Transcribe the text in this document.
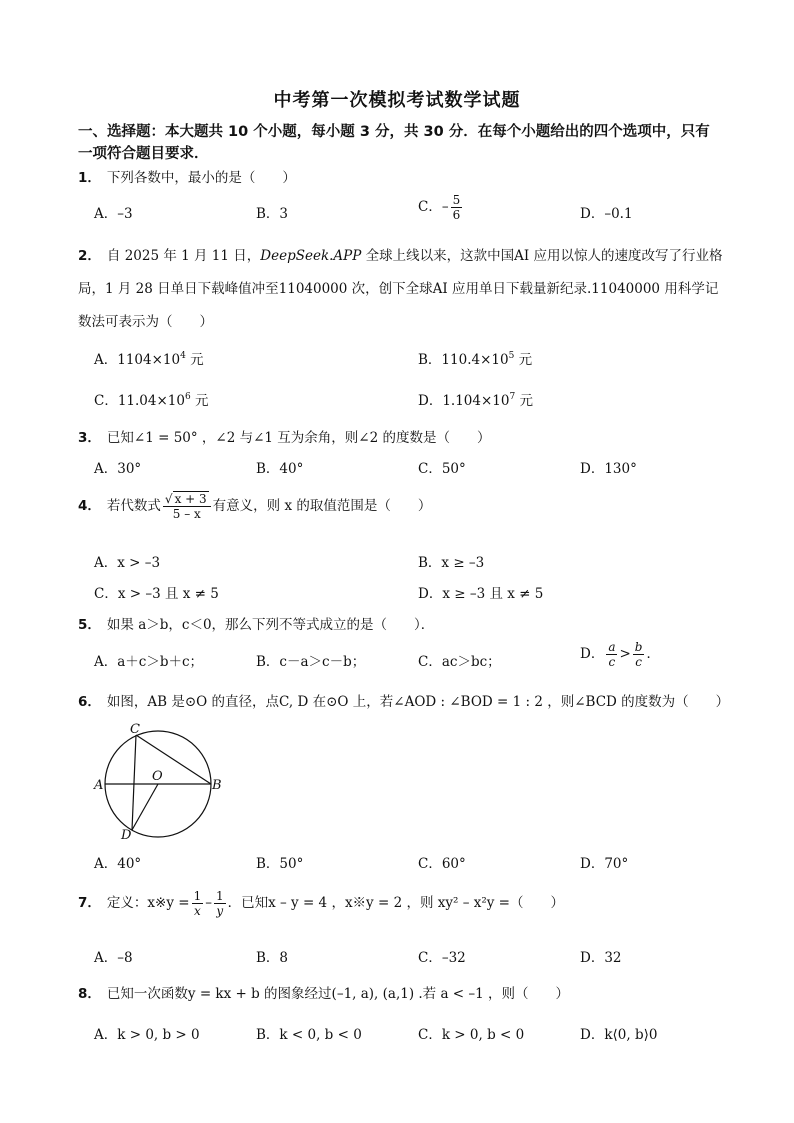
中考第一次模拟考试数学试题
一、选择题：本大题共 10 个小题，每小题 3 分，共 30 分．在每个小题给出的四个选项中，只有
一项符合题目要求．
1． 下列各数中，最小的是（　　）
A．–3	B．3	C．– $\frac{5}{6}$	D．–0.1
2． 自 2025 年 1 月 11 日，DeepSeek.APP 全球上线以来，这款中国AI 应用以惊人的速度改写了行业格
局，1 月 28 日单日下载峰值冲至11040000 次，创下全球AI 应用单日下载量新纪录.11040000 用科学记
数法可表示为（　　）
A．$1104\times 10^4$ 元	B．$110.4\times 10^5$ 元
C．$11.04\times 10^6$ 元	D．$1.104\times 10^7$ 元
3． 已知∠1 = 50° ，∠2 与∠1 互为余角，则∠2 的度数是（　　）
A．30°	B．40°	C．50°	D．130°
4． 若代数式 $\frac{√ x + 3}{5 - x}$ 有意义，则 x 的取值范围是（　　）
A．x > –3	B．x ≥ –3
C．x > –3 且 x ≠ 5	D．x ≥ –3 且 x ≠ 5
5． 如果 a＞b，c＜0，那么下列不等式成立的是（　　）．
A．a＋c＞b＋c；	B．c－a＞c－b；	C．ac＞bc；	D． $\frac{a}{c} > \frac{b}{c}$ ．
6． 如图，AB 是⊙O 的直径，点C, D 在⊙O 上，若∠AOD : ∠BOD = 1 : 2 ，则∠BCD 的度数为（　　）
C
A
O
B
D
A．40°	B．50°	C．60°	D．70°
7． 定义：x※y = $\frac{1}{x} - \frac{1}{y}$ ．已知x – y = 4 ，x※y = 2 ，则 xy² – x²y =（　　）
A．–8	B．8	C．–32	D．32
8． 已知一次函数y = kx + b 的图象经过(–1, a), (a,1) .若 a < –1 ，则（　　）
A．k > 0, b > 0	B．k < 0, b < 0	C．k > 0, b < 0	D．k⟨0, b⟩0
